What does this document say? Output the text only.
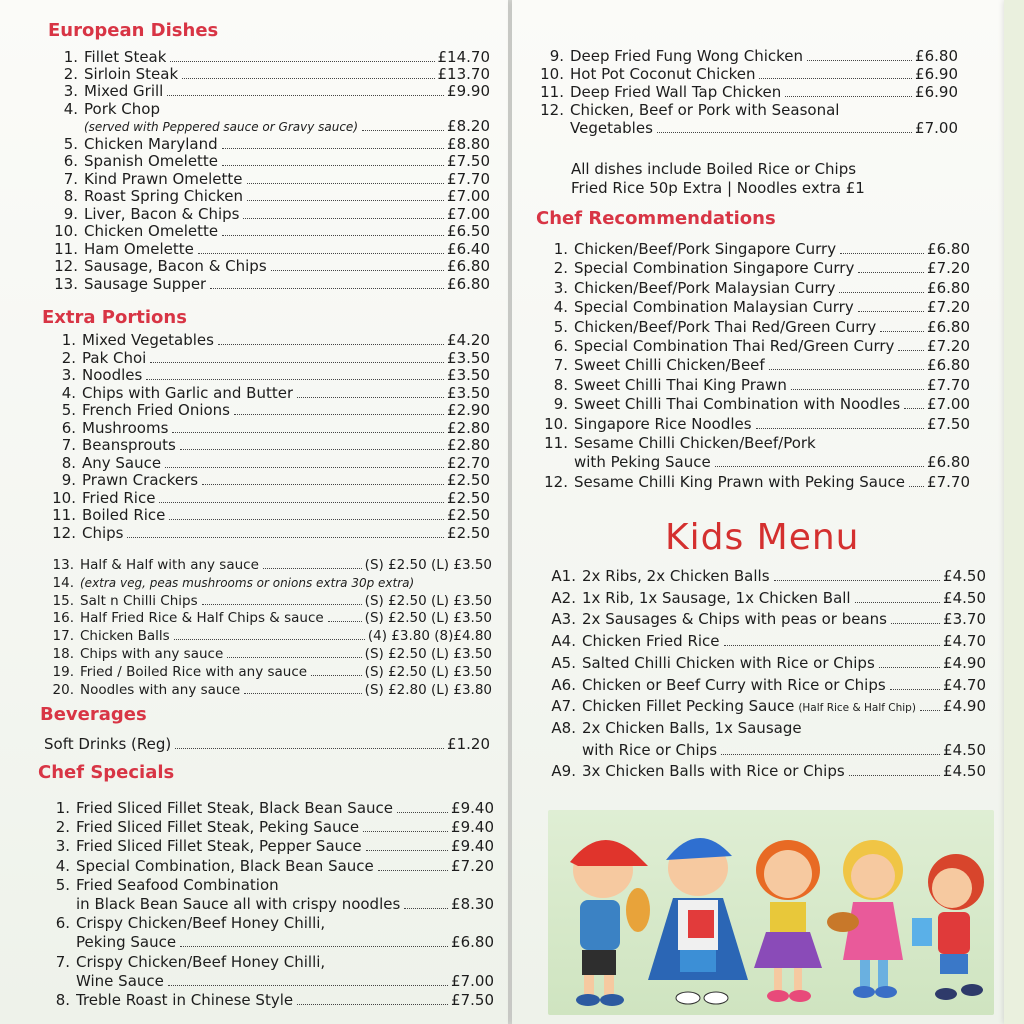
European Dishes
1. Fillet Steak	£14.70
2. Sirloin Steak	£13.70
3. Mixed Grill	£9.90
4. Pork Chop
(served with Peppered sauce or Gravy sauce)	£8.20
5. Chicken Maryland	£8.80
6. Spanish Omelette	£7.50
7. Kind Prawn Omelette	£7.70
8. Roast Spring Chicken	£7.00
9. Liver, Bacon & Chips	£7.00
10. Chicken Omelette	£6.50
11. Ham Omelette	£6.40
12. Sausage, Bacon & Chips	£6.80
13. Sausage Supper	£6.80
Extra Portions
1. Mixed Vegetables	£4.20
2. Pak Choi	£3.50
3. Noodles	£3.50
4. Chips with Garlic and Butter	£3.50
5. French Fried Onions	£2.90
6. Mushrooms	£2.80
7. Beansprouts	£2.80
8. Any Sauce	£2.70
9. Prawn Crackers	£2.50
10. Fried Rice	£2.50
11. Boiled Rice	£2.50
12. Chips	£2.50
13. Half & Half with any sauce	(S) £2.50 (L) £3.50
14. (extra veg, peas mushrooms or onions extra 30p extra)
15. Salt n Chilli Chips	(S) £2.50 (L) £3.50
16. Half Fried Rice & Half Chips & sauce	(S) £2.50 (L) £3.50
17. Chicken Balls	(4) £3.80 (8)£4.80
18. Chips with any sauce	(S) £2.50 (L) £3.50
19. Fried / Boiled Rice with any sauce	(S) £2.50 (L) £3.50
20. Noodles with any sauce	(S) £2.80 (L) £3.80
Beverages
Soft Drinks (Reg)	£1.20
Chef Specials
1. Fried Sliced Fillet Steak, Black Bean Sauce	£9.40
2. Fried Sliced Fillet Steak, Peking Sauce	£9.40
3. Fried Sliced Fillet Steak, Pepper Sauce	£9.40
4. Special Combination, Black Bean Sauce	£7.20
5. Fried Seafood Combination
in Black Bean Sauce all with crispy noodles	£8.30
6. Crispy Chicken/Beef Honey Chilli,
Peking Sauce	£6.80
7. Crispy Chicken/Beef Honey Chilli,
Wine Sauce	£7.00
8. Treble Roast in Chinese Style	£7.50
9. Deep Fried Fung Wong Chicken	£6.80
10. Hot Pot Coconut Chicken	£6.90
11. Deep Fried Wall Tap Chicken	£6.90
12. Chicken, Beef or Pork with Seasonal
Vegetables	£7.00
All dishes include Boiled Rice or Chips
Fried Rice 50p Extra | Noodles extra £1
Chef Recommendations
1. Chicken/Beef/Pork Singapore Curry	£6.80
2. Special Combination Singapore Curry	£7.20
3. Chicken/Beef/Pork Malaysian Curry	£6.80
4. Special Combination Malaysian Curry	£7.20
5. Chicken/Beef/Pork Thai Red/Green Curry	£6.80
6. Special Combination Thai Red/Green Curry £7.20
7. Sweet Chilli Chicken/Beef	£6.80
8. Sweet Chilli Thai King Prawn	£7.70
9. Sweet Chilli Thai Combination with Noodles £7.00
10. Singapore Rice Noodles	£7.50
11. Sesame Chilli Chicken/Beef/Pork
with Peking Sauce	£6.80
12. Sesame Chilli King Prawn with Peking Sauce £7.70
Kids Menu
A1. 2x Ribs, 2x Chicken Balls	£4.50
A2. 1x Rib, 1x Sausage, 1x Chicken Ball	£4.50
A3. 2x Sausages & Chips with peas or beans	£3.70
A4. Chicken Fried Rice	£4.70
A5. Salted Chilli Chicken with Rice or Chips	£4.90
A6. Chicken or Beef Curry with Rice or Chips	£4.70
A7. Chicken Fillet Pecking Sauce (Half Rice & Half Chip) £4.90
A8. 2x Chicken Balls, 1x Sausage
with Rice or Chips	£4.50
A9. 3x Chicken Balls with Rice or Chips	£4.50
